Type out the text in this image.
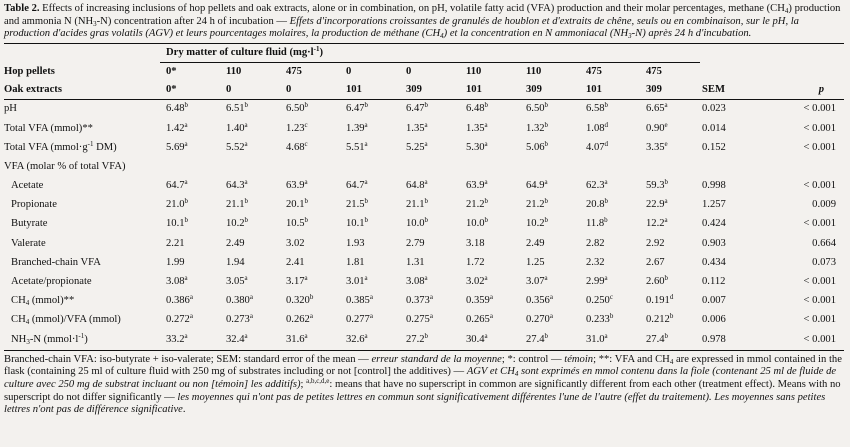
Table 2. Effects of increasing inclusions of hop pellets and oak extracts, alone or in combination, on pH, volatile fatty acid (VFA) production and their molar percentages, methane $(CH_4)$ production and ammonia N $(NH_3-N)$ concentration after 24 h of incubation — Effets d'incorporations croissantes de granulés de houblon et d'extraits de chêne, seuls ou en combinaison, sur le pH, la production d'acides gras volatils (AGV) et leurs pourcentages molaires, la production de méthane $(CH_4)$ et la concentration en N ammoniacal $(NH_3-N)$ après 24 h d'incubation.
	Dry matter of culture fluid $(mg\cdot l^{-1})$										
Hop pellets	0*	110	475	0	0	110	110	475	475		
Oak extracts	0*	0	0	101	309	101	309	101	309	SEM	p
pH	6.48$^b$	6.51$^b$	6.50$^b$	6.47$^b$	6.47$^b$	6.48$^b$	6.50$^b$	6.58$^b$	6.65$^a$	0.023	< 0.001
Total VFA (mmol)**	1.42$^a$	1.40$^a$	1.23$^c$	1.39$^a$	1.35$^a$	1.35$^a$	1.32$^b$	1.08$^d$	0.90e	0.014	< 0.001
Total VFA ($mmol\cdot g^{-1}$ DM)	5.69$^a$	5.52$^a$	4.68$^c$	5.51$^a$	5.25$^a$	5.30$^a$	5.06$^b$	4.07$^d$	3.35e	0.152	< 0.001
VFA (molar % of total VFA)											
Acetate	64.7$^a$	64.3$^a$	63.9$^a$	64.7$^a$	64.8$^a$	63.9$^a$	64.9$^a$	62.3$^a$	59.3$^b$	0.998	< 0.001
Propionate	21.0$^b$	21.1$^b$	20.1$^b$	21.5$^b$	21.1$^b$	21.2$^b$	21.2$^b$	20.8$^b$	22.9$^a$	1.257	0.009
Butyrate	10.1$^b$	10.2$^b$	10.5$^b$	10.1$^b$	10.0$^b$	10.0$^b$	10.2$^b$	11.8$^b$	12.2$^a$	0.424	< 0.001
Valerate	2.21	2.49	3.02	1.93	2.79	3.18	2.49	2.82	2.92	0.903	0.664
Branched-chain VFA	1.99	1.94	2.41	1.81	1.31	1.72	1.25	2.32	2.67	0.434	0.073
Acetate/propionate	3.08$^a$	3.05$^a$	3.17$^a$	3.01$^a$	3.08$^a$	3.02$^a$	3.07$^a$	2.99$^a$	2.60$^b$	0.112	< 0.001
$CH_4$ (mmol)**	0.386$^a$	0.380$^a$	0.320$^b$	0.385$^a$	0.373$^a$	0.359$^a$	0.356$^a$	0.250$^c$	0.191$^d$	0.007	< 0.001
$CH_4$ (mmol)/VFA (mmol)	0.272$^a$	0.273$^a$	0.262$^a$	0.277$^a$	0.275$^a$	0.265$^a$	0.270$^a$	0.233$^b$	0.212$^b$	0.006	< 0.001
$NH_3-N$ $(mmol\cdot l^{-1})$	33.2$^a$	32.4$^a$	31.6$^a$	32.6$^a$	27.2$^b$	30.4$^a$	27.4$^b$	31.0$^a$	27.4$^b$	0.978	< 0.001
Branched-chain VFA: iso-butyrate + iso-valerate; SEM: standard error of the mean — erreur standard de la moyenne; *: control — témoin; **: VFA and $CH_4$ are expressed in mmol contained in the flask (containing 25 ml of culture fluid with 250 mg of substrates including or not [control] the additives) — AGV et $CH_4$ sont exprimés en mmol contenu dans la fiole (contenant 25 ml de fluide de culture avec 250 mg de substrat incluant ou non [témoin] les additifs); $^{a,b,c,d,e}$: means that have no superscript in common are significantly different from each other (treatment effect). Means with no superscript do not differ significantly — les moyennes qui n'ont pas de petites lettres en commun sont significativement différentes l'une de l'autre (effet du traitement). Les moyennes sans petites lettres n'ont pas de différence significative.
